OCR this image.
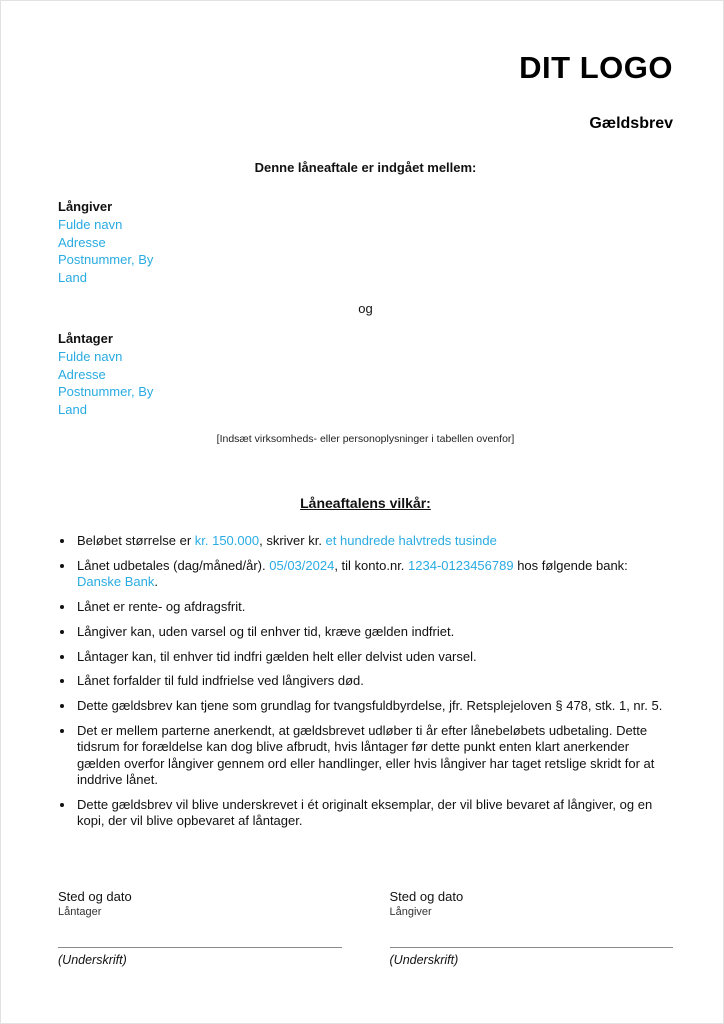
DIT LOGO
Gældsbrev

Denne låneaftale er indgået mellem:

Långiver
Fulde navn
Adresse
Postnummer, By
Land

og

Låntager
Fulde navn
Adresse
Postnummer, By
Land

[Indsæt virksomheds- eller personoplysninger i tabellen ovenfor]

Låneaftalens vilkår:
• Beløbet størrelse er kr. 150.000, skriver kr. et hundrede halvtreds tusinde
• Lånet udbetales (dag/måned/år). 05/03/2024, til konto.nr. 1234-0123456789 hos følgende bank: Danske Bank.
• Lånet er rente- og afdragsfrit.
• Långiver kan, uden varsel og til enhver tid, kræve gælden indfriet.
• Låntager kan, til enhver tid indfri gælden helt eller delvist uden varsel.
• Lånet forfalder til fuld indfrielse ved långivers død.
• Dette gældsbrev kan tjene som grundlag for tvangsfuldbyrdelse, jfr. Retsplejeloven § 478, stk. 1, nr. 5.
• Det er mellem parterne anerkendt, at gældsbrevet udløber ti år efter lånebeløbets udbetaling. Dette tidsrum for forældelse kan dog blive afbrudt, hvis låntager før dette punkt enten klart anerkender gælden overfor långiver gennem ord eller handlinger, eller hvis långiver har taget retslige skridt for at inddrive lånet.
• Dette gældsbrev vil blive underskrevet i ét originalt eksemplar, der vil blive bevaret af långiver, og en kopi, der vil blive opbevaret af låntager.
Sted og dato
Låntager
(Underskrift)
Sted og dato
Långiver
(Underskrift)
